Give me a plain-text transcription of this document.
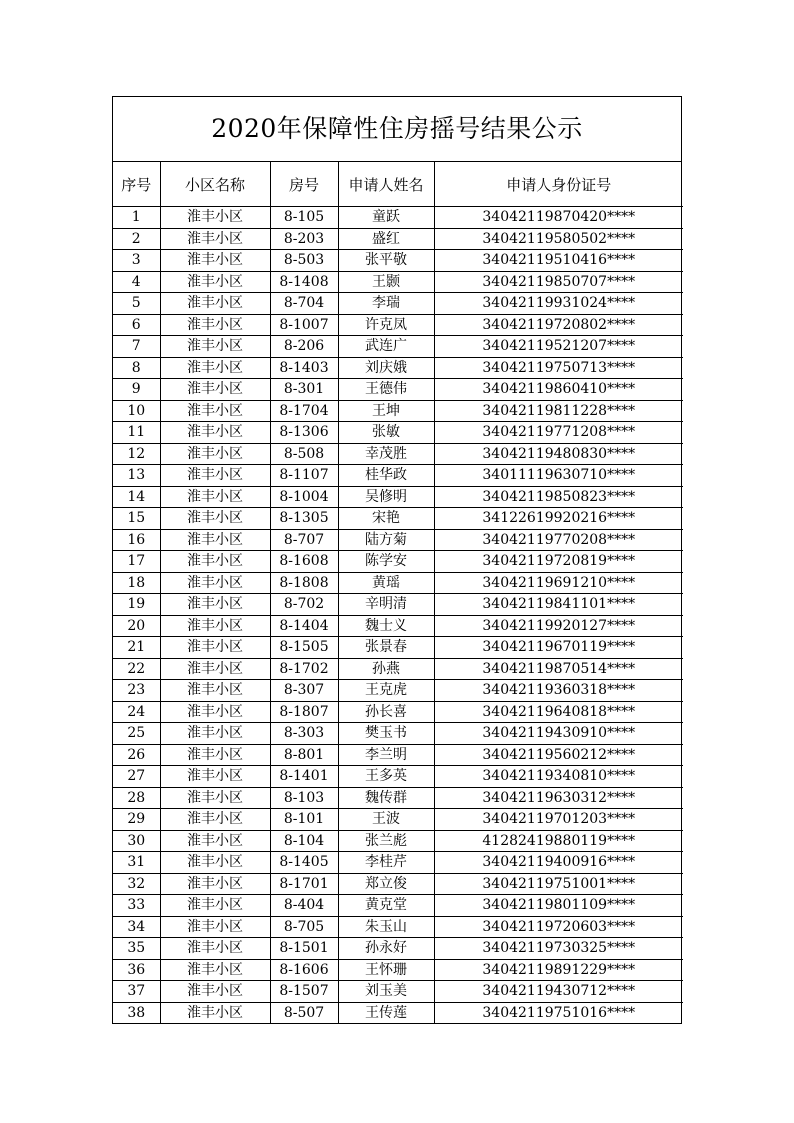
2020年保障性住房摇号结果公示
序号	小区名称	房号	申请人姓名	申请人身份证号
1	淮丰小区	8-105	童跃	34042119870420****
2	淮丰小区	8-203	盛红	34042119580502****
3	淮丰小区	8-503	张平敬	34042119510416****
4	淮丰小区	8-1408	王颢	34042119850707****
5	淮丰小区	8-704	李瑞	34042119931024****
6	淮丰小区	8-1007	许克凤	34042119720802****
7	淮丰小区	8-206	武连广	34042119521207****
8	淮丰小区	8-1403	刘庆娥	34042119750713****
9	淮丰小区	8-301	王德伟	34042119860410****
10	淮丰小区	8-1704	王坤	34042119811228****
11	淮丰小区	8-1306	张敏	34042119771208****
12	淮丰小区	8-508	幸茂胜	34042119480830****
13	淮丰小区	8-1107	桂华政	34011119630710****
14	淮丰小区	8-1004	吴修明	34042119850823****
15	淮丰小区	8-1305	宋艳	34122619920216****
16	淮丰小区	8-707	陆方菊	34042119770208****
17	淮丰小区	8-1608	陈学安	34042119720819****
18	淮丰小区	8-1808	黄瑶	34042119691210****
19	淮丰小区	8-702	辛明清	34042119841101****
20	淮丰小区	8-1404	魏士义	34042119920127****
21	淮丰小区	8-1505	张景春	34042119670119****
22	淮丰小区	8-1702	孙燕	34042119870514****
23	淮丰小区	8-307	王克虎	34042119360318****
24	淮丰小区	8-1807	孙长喜	34042119640818****
25	淮丰小区	8-303	樊玉书	34042119430910****
26	淮丰小区	8-801	李兰明	34042119560212****
27	淮丰小区	8-1401	王多英	34042119340810****
28	淮丰小区	8-103	魏传群	34042119630312****
29	淮丰小区	8-101	王波	34042119701203****
30	淮丰小区	8-104	张兰彪	41282419880119****
31	淮丰小区	8-1405	李桂芹	34042119400916****
32	淮丰小区	8-1701	郑立俊	34042119751001****
33	淮丰小区	8-404	黄克堂	34042119801109****
34	淮丰小区	8-705	朱玉山	34042119720603****
35	淮丰小区	8-1501	孙永好	34042119730325****
36	淮丰小区	8-1606	王怀珊	34042119891229****
37	淮丰小区	8-1507	刘玉美	34042119430712****
38	淮丰小区	8-507	王传莲	34042119751016****
